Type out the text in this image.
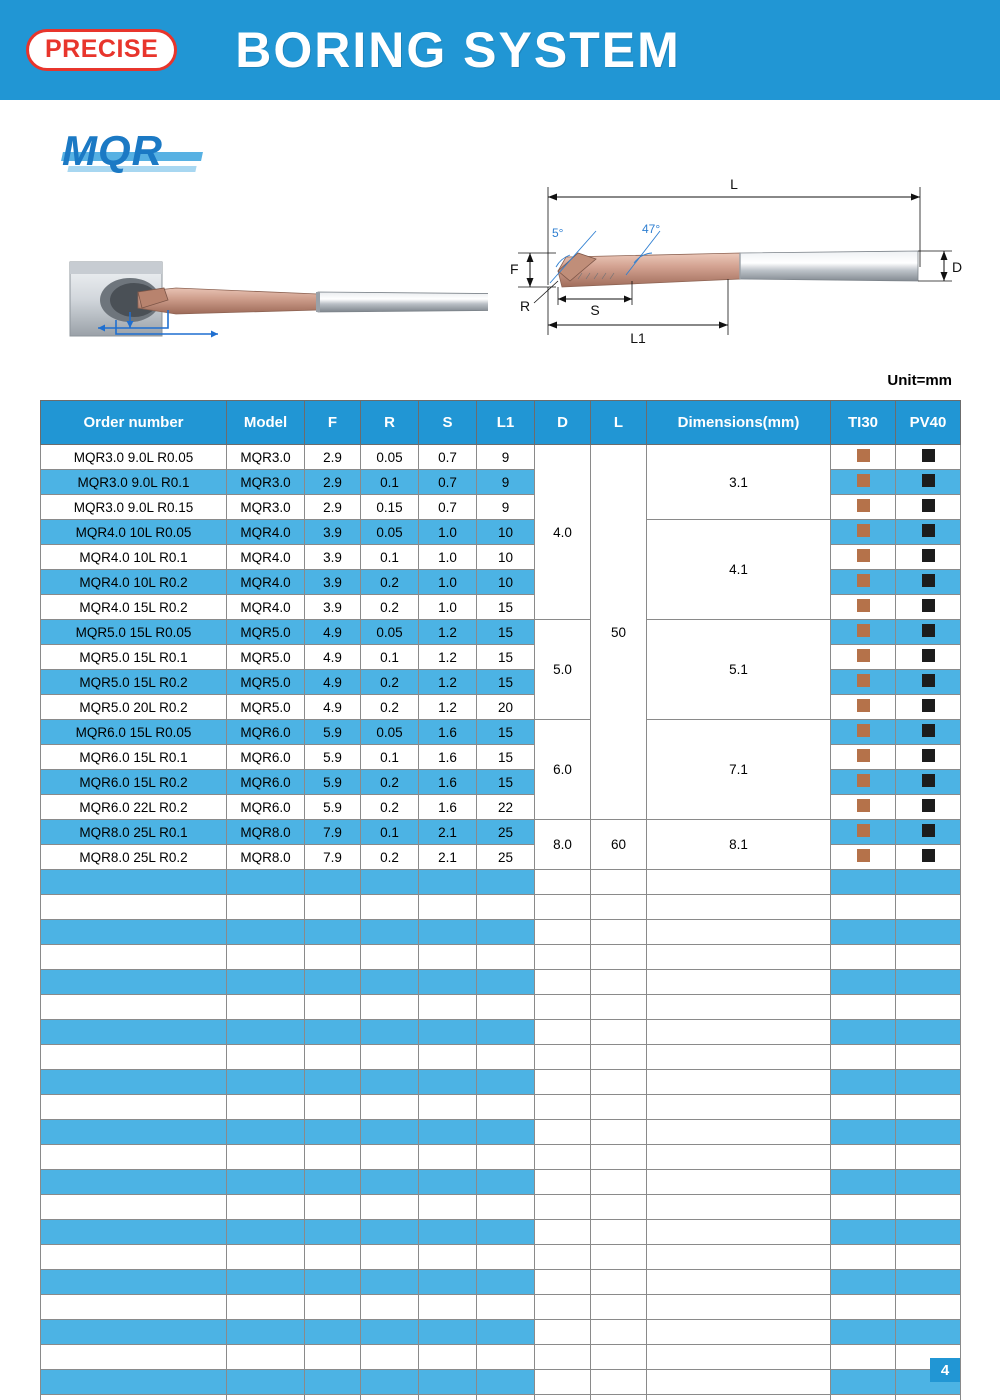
PRECISE BORING SYSTEM
MQR
L
5°	47°
F	D
R	S
L1
Unit=mm
Order number	Model	F	R	S	L1	D	L	Dimensions(mm)	TI30	PV40
MQR3.0 9.0L R0.05	MQR3.0	2.9	0.05	0.7	9	4.0	50	3.1		
MQR3.0 9.0L R0.1	MQR3.0	2.9	0.1	0.7	9					
MQR3.0 9.0L R0.15	MQR3.0	2.9	0.15	0.7	9					
MQR4.0 10L R0.05	MQR4.0	3.9	0.05	1.0	10			4.1		
MQR4.0 10L R0.1	MQR4.0	3.9	0.1	1.0	10					
MQR4.0 10L R0.2	MQR4.0	3.9	0.2	1.0	10					
MQR4.0 15L R0.2	MQR4.0	3.9	0.2	1.0	15					
MQR5.0 15L R0.05	MQR5.0	4.9	0.05	1.2	15	5.0		5.1		
MQR5.0 15L R0.1	MQR5.0	4.9	0.1	1.2	15					
MQR5.0 15L R0.2	MQR5.0	4.9	0.2	1.2	15					
MQR5.0 20L R0.2	MQR5.0	4.9	0.2	1.2	20					
MQR6.0 15L R0.05	MQR6.0	5.9	0.05	1.6	15	6.0		7.1		
MQR6.0 15L R0.1	MQR6.0	5.9	0.1	1.6	15					
MQR6.0 15L R0.2	MQR6.0	5.9	0.2	1.6	15					
MQR6.0 22L R0.2	MQR6.0	5.9	0.2	1.6	22					
MQR8.0 25L R0.1	MQR8.0	7.9	0.1	2.1	25	8.0	60	8.1		
MQR8.0 25L R0.2	MQR8.0	7.9	0.2	2.1	25					

4
